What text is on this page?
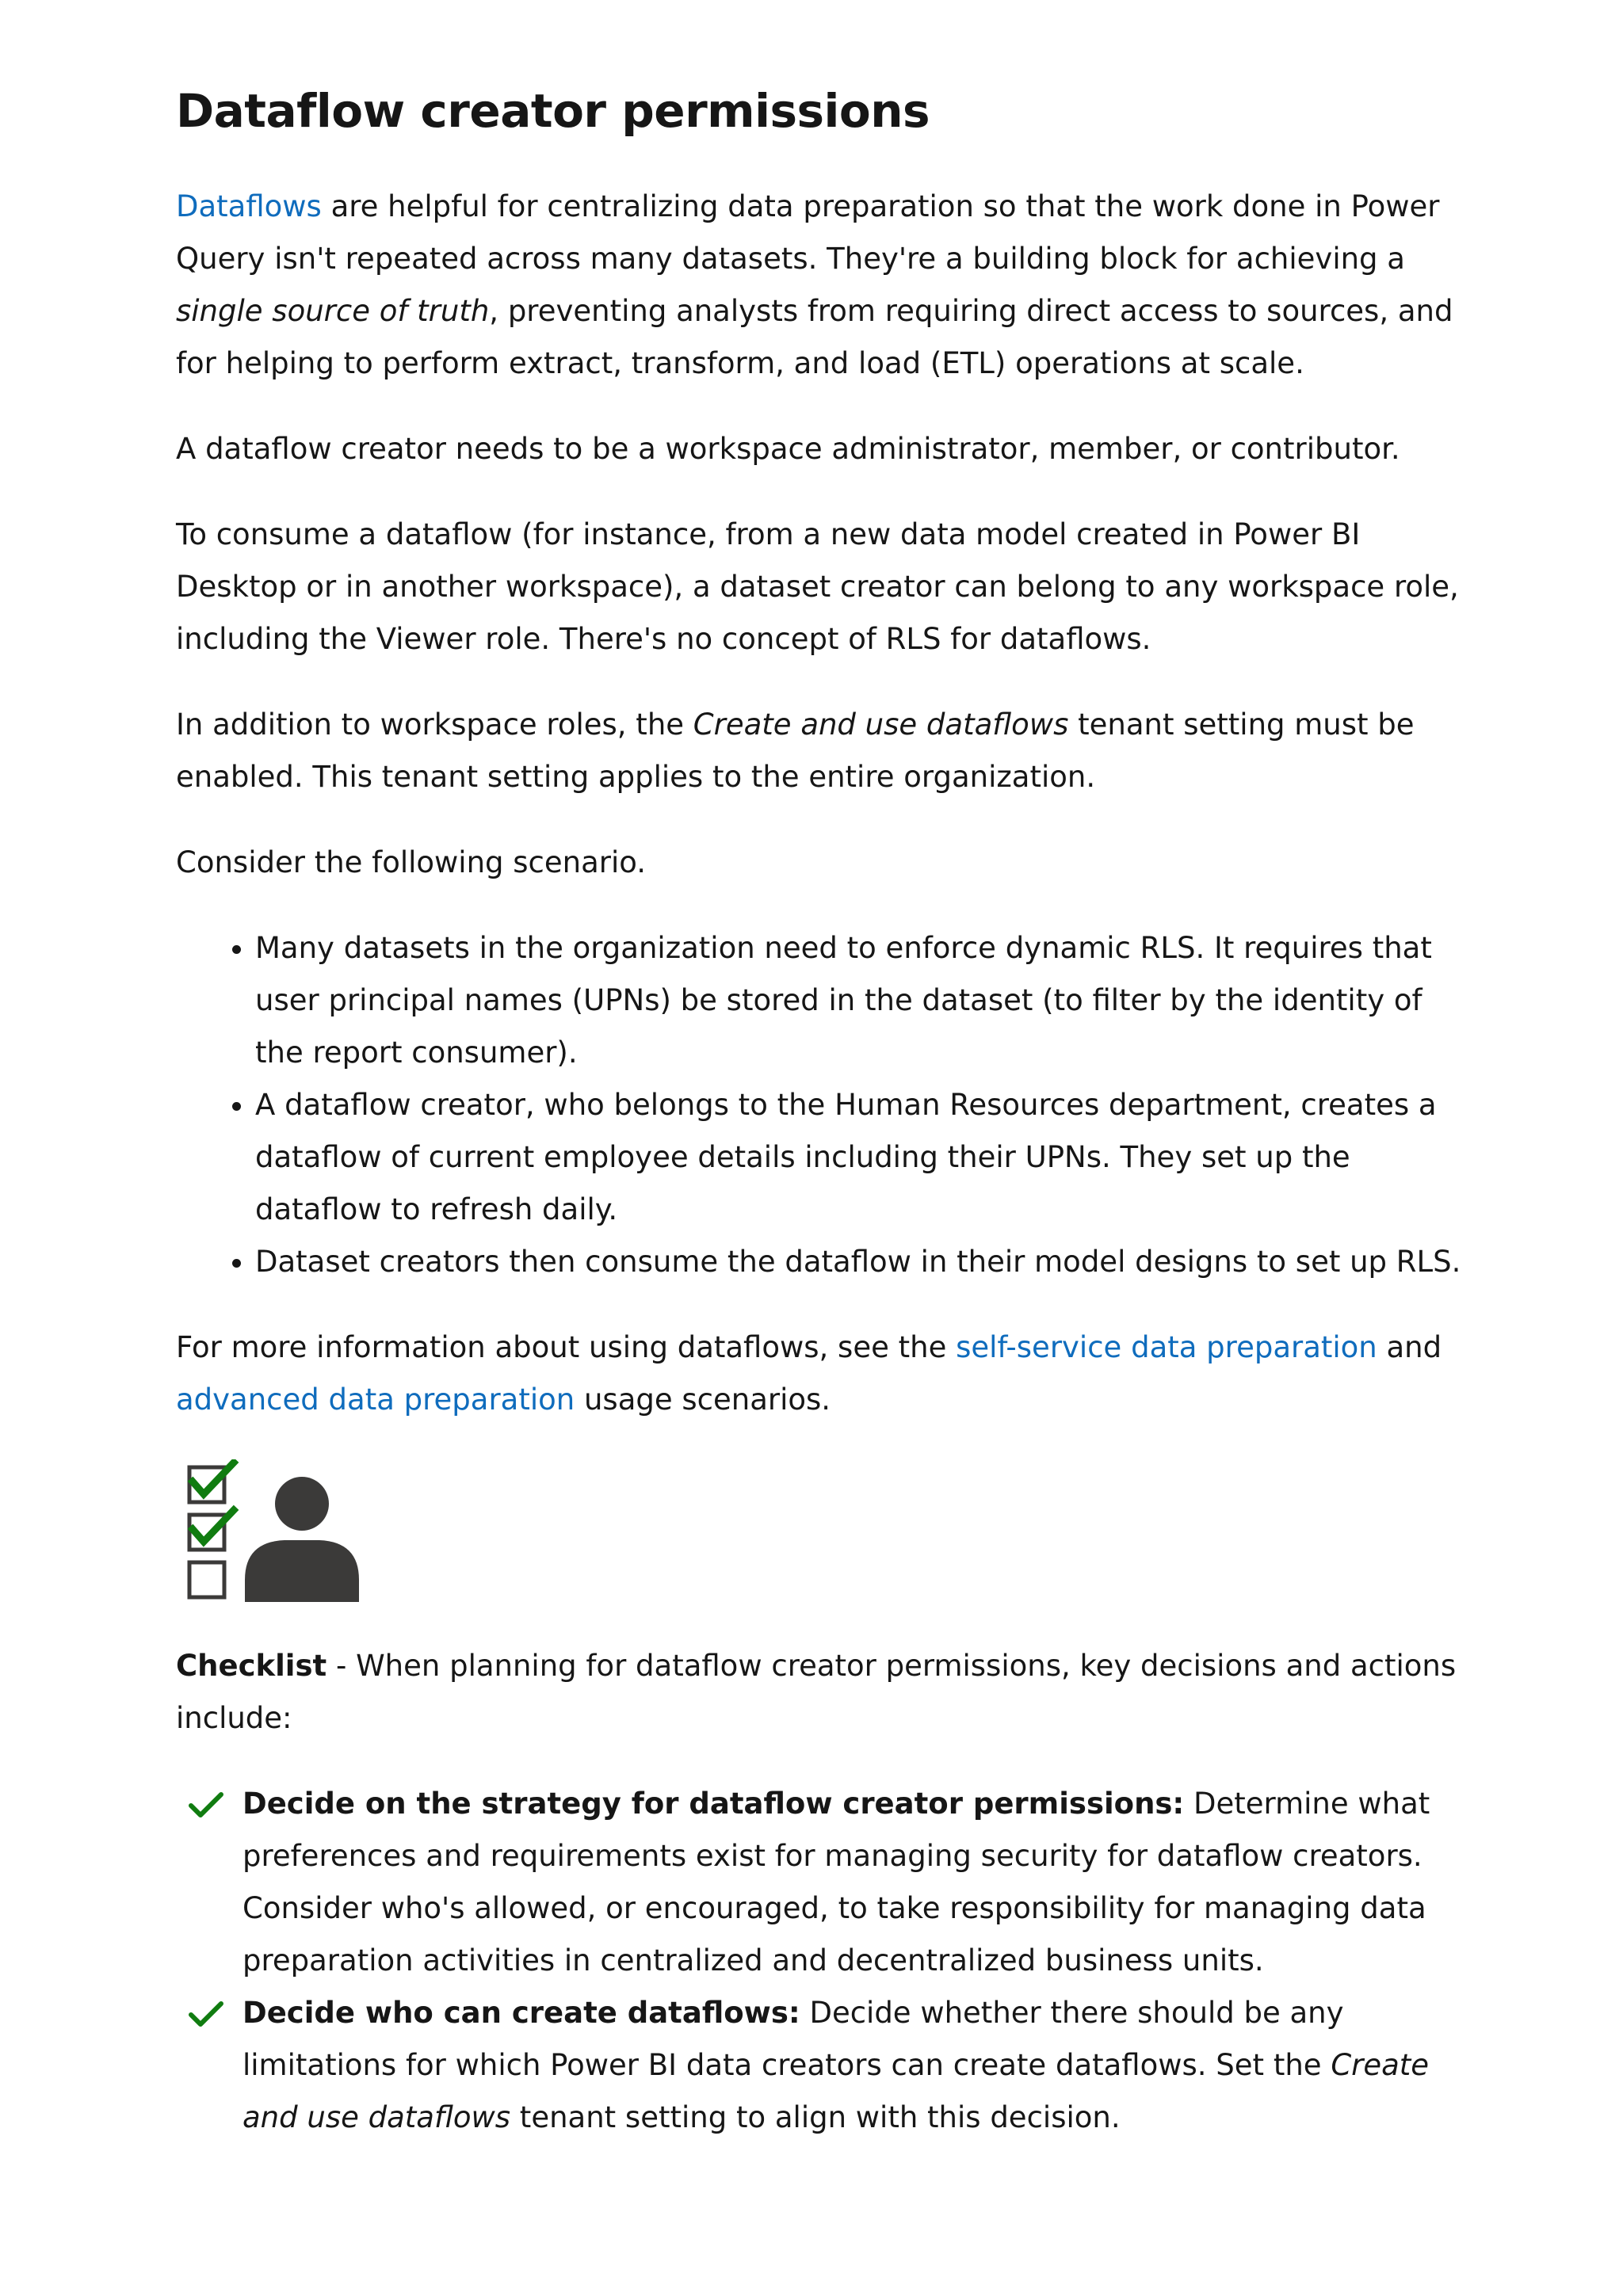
Dataflow creator permissions

Dataflows are helpful for centralizing data preparation so that the work done in Power Query isn't repeated across many datasets. They're a building block for achieving a single source of truth, preventing analysts from requiring direct access to sources, and for helping to perform extract, transform, and load (ETL) operations at scale.

A dataflow creator needs to be a workspace administrator, member, or contributor.

To consume a dataflow (for instance, from a new data model created in Power BI Desktop or in another workspace), a dataset creator can belong to any workspace role, including the Viewer role. There's no concept of RLS for dataflows.

In addition to workspace roles, the Create and use dataflows tenant setting must be enabled. This tenant setting applies to the entire organization.

Consider the following scenario.

• Many datasets in the organization need to enforce dynamic RLS. It requires that user principal names (UPNs) be stored in the dataset (to filter by the identity of the report consumer).
• A dataflow creator, who belongs to the Human Resources department, creates a dataflow of current employee details including their UPNs. They set up the dataflow to refresh daily.
• Dataset creators then consume the dataflow in their model designs to set up RLS.

For more information about using dataflows, see the self-service data preparation and advanced data preparation usage scenarios.

Checklist - When planning for dataflow creator permissions, key decisions and actions include:

Decide on the strategy for dataflow creator permissions: Determine what preferences and requirements exist for managing security for dataflow creators. Consider who's allowed, or encouraged, to take responsibility for managing data preparation activities in centralized and decentralized business units.
Decide who can create dataflows: Decide whether there should be any limitations for which Power BI data creators can create dataflows. Set the Create and use dataflows tenant setting to align with this decision.
